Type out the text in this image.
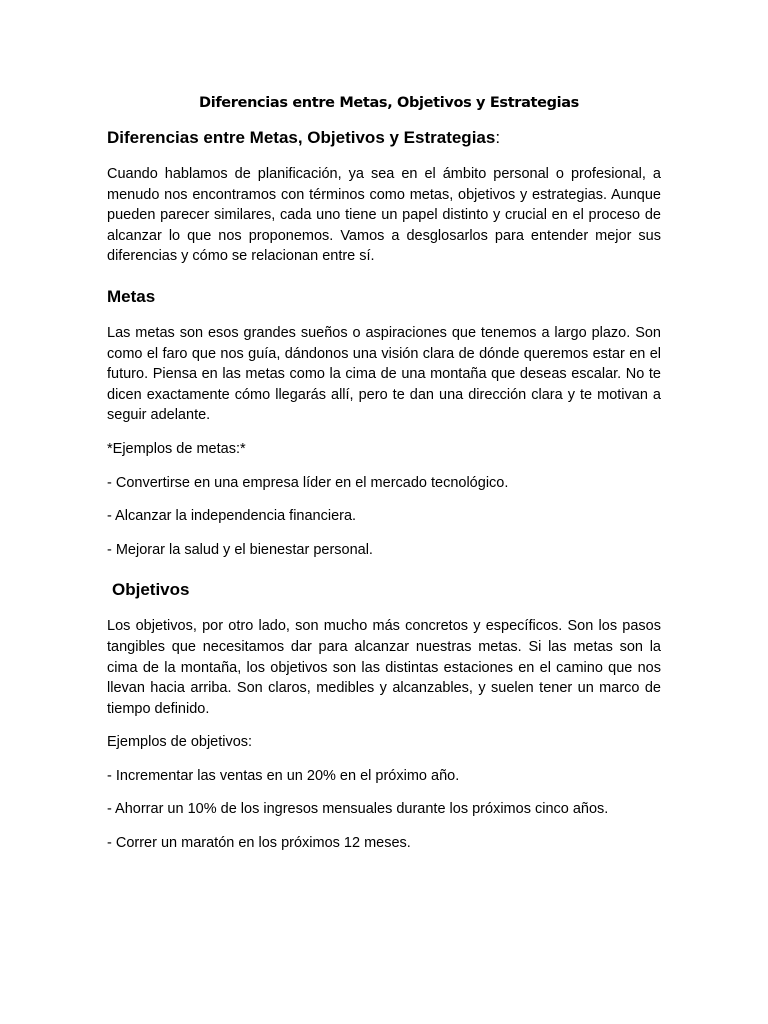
Diferencias entre Metas, Objetivos y Estrategias
Diferencias entre Metas, Objetivos y Estrategias:

Cuando hablamos de planificación, ya sea en el ámbito personal o profesional, a menudo nos encontramos con términos como metas, objetivos y estrategias. Aunque pueden parecer similares, cada uno tiene un papel distinto y crucial en el proceso de alcanzar lo que nos proponemos. Vamos a desglosarlos para entender mejor sus diferencias y cómo se relacionan entre sí.

Metas

Las metas son esos grandes sueños o aspiraciones que tenemos a largo plazo. Son como el faro que nos guía, dándonos una visión clara de dónde queremos estar en el futuro. Piensa en las metas como la cima de una montaña que deseas escalar. No te dicen exactamente cómo llegarás allí, pero te dan una dirección clara y te motivan a seguir adelante.

*Ejemplos de metas:*

- Convertirse en una empresa líder en el mercado tecnológico.

- Alcanzar la independencia financiera.

- Mejorar la salud y el bienestar personal.

Objetivos

Los objetivos, por otro lado, son mucho más concretos y específicos. Son los pasos tangibles que necesitamos dar para alcanzar nuestras metas. Si las metas son la cima de la montaña, los objetivos son las distintas estaciones en el camino que nos llevan hacia arriba. Son claros, medibles y alcanzables, y suelen tener un marco de tiempo definido.

Ejemplos de objetivos:

- Incrementar las ventas en un 20% en el próximo año.

- Ahorrar un 10% de los ingresos mensuales durante los próximos cinco años.

- Correr un maratón en los próximos 12 meses.
